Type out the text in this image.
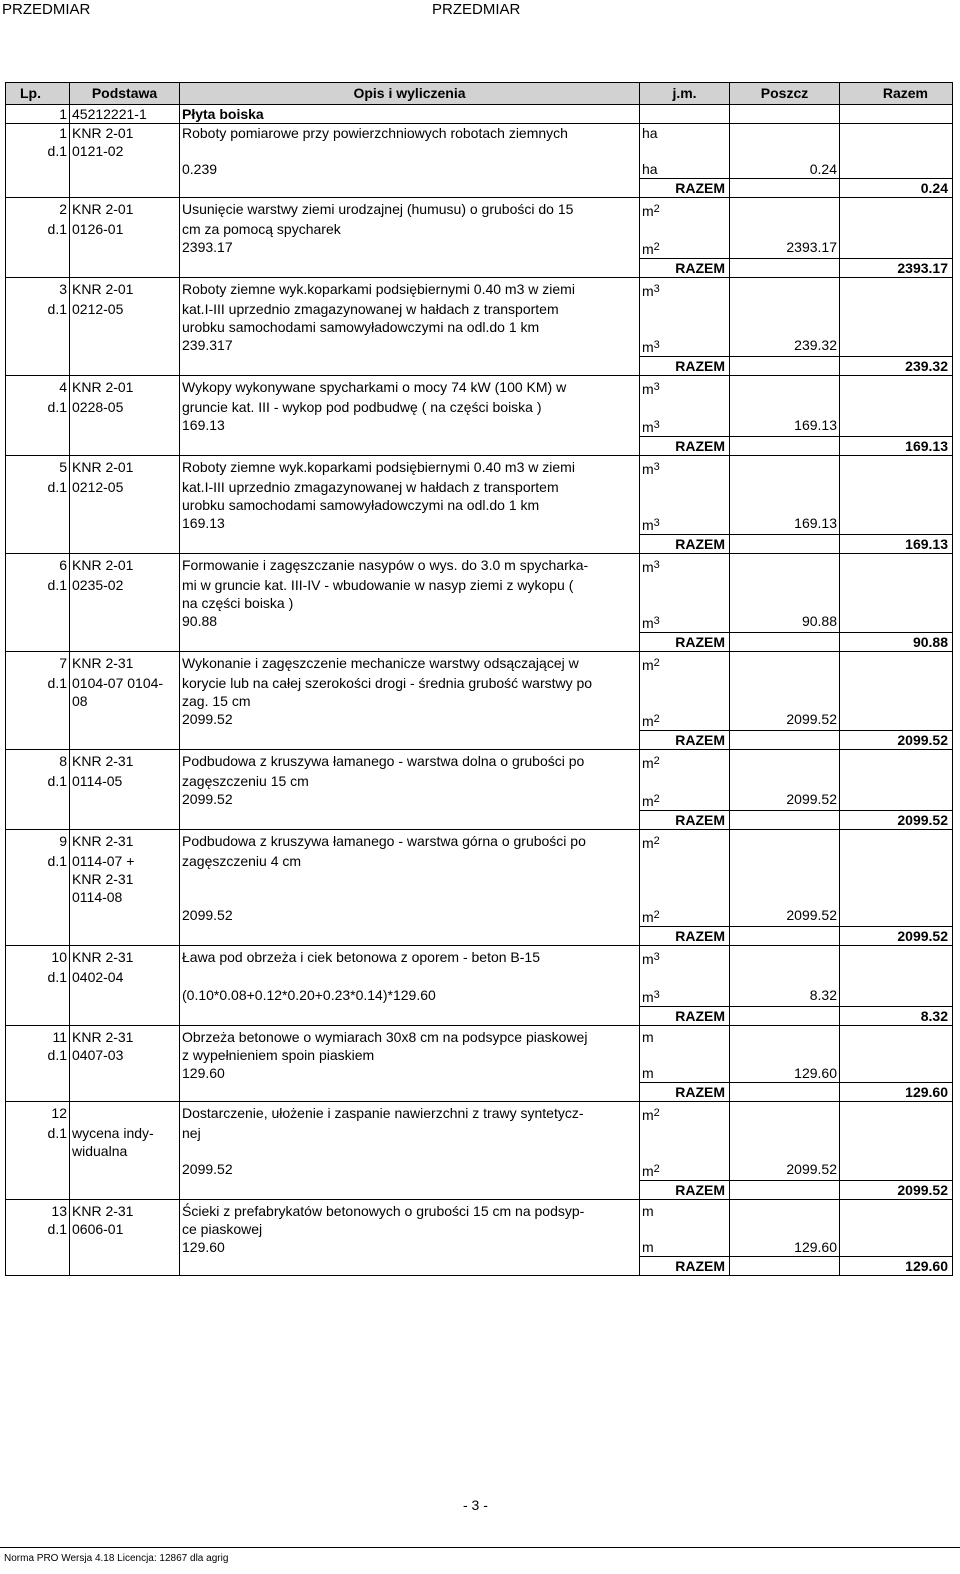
PRZEDMIAR	PRZEDMIAR
Lp.	Podstawa	Opis i wyliczenia	j.m.	Poszcz	Razem
1	45212221-1	Płyta boiska			
1	KNR 2-01	Roboty pomiarowe przy powierzchniowych robotach ziemnych	ha		
d.1	0121-02				
		0.239	ha	0.24	
			RAZEM		0.24
2	KNR 2-01	Usunięcie warstwy ziemi urodzajnej (humusu) o grubości do 15	$m^2$		
d.1	0126-01	cm za pomocą spycharek			
		2393.17	$m^2$	2393.17	
			RAZEM		2393.17
3	KNR 2-01	Roboty ziemne wyk.koparkami podsiębiernymi 0.40 m3 w ziemi	$m^3$		
d.1	0212-05	kat.I-III uprzednio zmagazynowanej w hałdach z transportem			
		urobku samochodami samowyładowczymi na odl.do 1 km			
		239.317	$m^3$	239.32	
			RAZEM		239.32
4	KNR 2-01	Wykopy wykonywane spycharkami o mocy 74 kW (100 KM) w	$m^3$		
d.1	0228-05	gruncie kat. III - wykop pod podbudwę ( na części boiska )			
		169.13	$m^3$	169.13	
			RAZEM		169.13
5	KNR 2-01	Roboty ziemne wyk.koparkami podsiębiernymi 0.40 m3 w ziemi	$m^3$		
d.1	0212-05	kat.I-III uprzednio zmagazynowanej w hałdach z transportem			
		urobku samochodami samowyładowczymi na odl.do 1 km			
		169.13	$m^3$	169.13	
			RAZEM		169.13
6	KNR 2-01	Formowanie i zagęszczanie nasypów o wys. do 3.0 m spycharka-	$m^3$		
d.1	0235-02	mi w gruncie kat. III-IV - wbudowanie w nasyp ziemi z wykopu (			
		na części boiska )			
		90.88	$m^3$	90.88	
			RAZEM		90.88
7	KNR 2-31	Wykonanie i zagęszczenie mechanicze warstwy odsączającej w	$m^2$		
d.1	0104-07 0104-	korycie lub na całej szerokości drogi - średnia grubość warstwy po			
	08	zag. 15 cm			
		2099.52	$m^2$	2099.52	
			RAZEM		2099.52
8	KNR 2-31	Podbudowa z kruszywa łamanego - warstwa dolna o grubości po	$m^2$		
d.1	0114-05	zagęszczeniu 15 cm			
		2099.52	$m^2$	2099.52	
			RAZEM		2099.52
9	KNR 2-31	Podbudowa z kruszywa łamanego - warstwa górna o grubości po	$m^2$		
d.1	0114-07 +	zagęszczeniu 4 cm			
	KNR 2-31				
	0114-08				
		2099.52	$m^2$	2099.52	
			RAZEM		2099.52
10	KNR 2-31	Ława pod obrzeża i ciek betonowa z oporem - beton B-15	$m^3$		
d.1	0402-04				

		(0.10*0.08+0.12*0.20+0.23*0.14)*129.60	$m^3$	8.32	
			RAZEM		8.32
11	KNR 2-31	Obrzeża betonowe o wymiarach 30x8 cm na podsypce piaskowej	m		
d.1	0407-03	z wypełnieniem spoin piaskiem			
		129.60	m	129.60	
			RAZEM		129.60
12		Dostarczenie, ułożenie i zaspanie nawierzchni z trawy syntetycz-	$m^2$		
d.1	wycena indy-	nej			
	widualna				

		2099.52	$m^2$	2099.52	
			RAZEM		2099.52
13	KNR 2-31	Ścieki z prefabrykatów betonowych o grubości 15 cm na podsyp-	m		
d.1	0606-01	ce piaskowej			
		129.60	m	129.60	
			RAZEM		129.60
- 3 -
Norma PRO Wersja 4.18 Licencja: 12867 dla agrig
